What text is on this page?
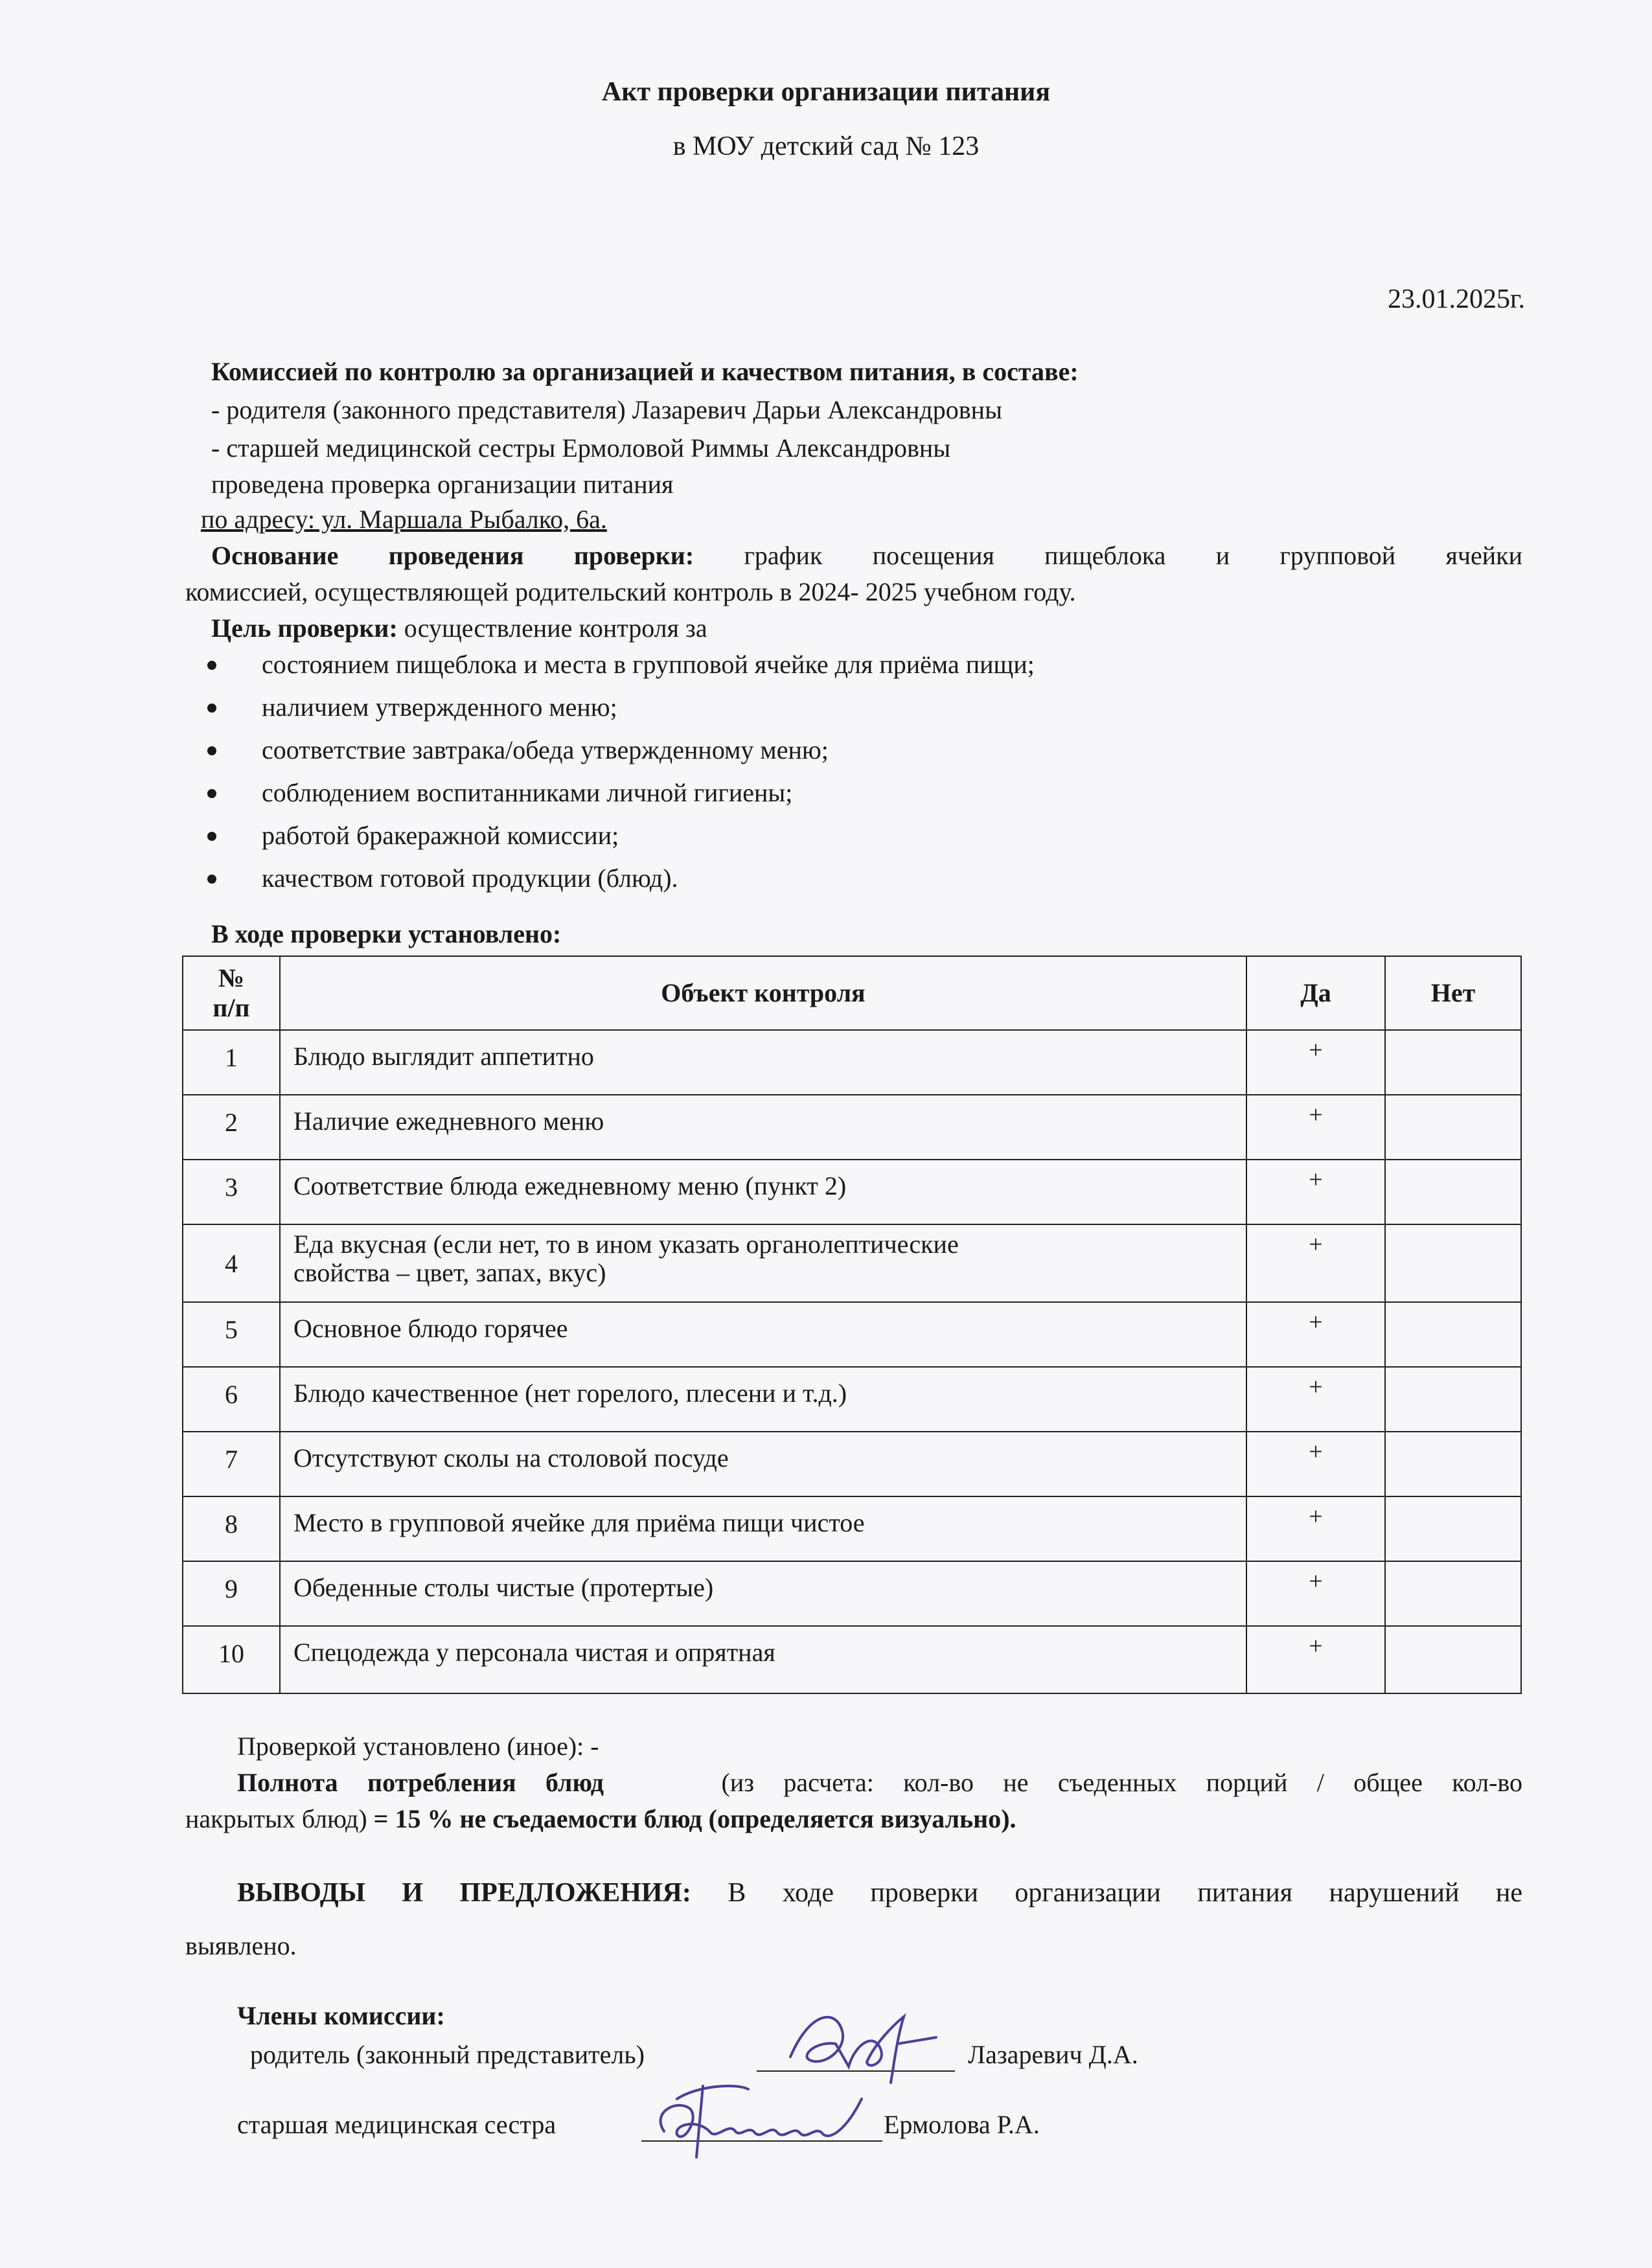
Акт проверки организации питания
в МОУ детский сад № 123
23.01.2025г.
Комиссией по контролю за организацией и качеством питания, в составе:
- родителя (законного представителя) Лазаревич Дарьи Александровны
- старшей медицинской сестры Ермоловой Риммы Александровны
проведена проверка организации питания
по адресу: ул. Маршала Рыбалко, 6а.
Основание проведения проверки: график посещения пищеблока и групповой ячейки
комиссией, осуществляющей родительский контроль в 2024- 2025 учебном году.
Цель проверки: осуществление контроля за
состоянием пищеблока и места в групповой ячейке для приёма пищи;
наличием утвержденного меню;
соответствие завтрака/обеда утвержденному меню;
соблюдением воспитанниками личной гигиены;
работой бракеражной комиссии;
качеством готовой продукции (блюд).
В ходе проверки установлено:
№
п/п	Объект контроля	Да	Нет
1	Блюдо выглядит аппетитно	+	
2	Наличие ежедневного меню	+	
3	Соответствие блюда ежедневному меню (пункт 2)	+	
4	Еда вкусная (если нет, то в ином указать органолептические
свойства – цвет, запах, вкус)	+	
5	Основное блюдо горячее	+	
6	Блюдо качественное (нет горелого, плесени и т.д.)	+	
7	Отсутствуют сколы на столовой посуде	+	
8	Место в групповой ячейке для приёма пищи чистое	+	
9	Обеденные столы чистые (протертые)	+	
10	Спецодежда у персонала чистая и опрятная	+	
Проверкой установлено (иное): -
Полнота потребления блюд	(из расчета: кол-во не съеденных порций / общее кол-во
накрытых блюд) = 15 % не съедаемости блюд (определяется визуально).
ВЫВОДЫ И ПРЕДЛОЖЕНИЯ: В ходе проверки организации питания нарушений не
выявлено.
Члены комиссии:
родитель (законный представитель)	Лазаревич Д.А.
старшая медицинская сестра	Ермолова Р.А.
